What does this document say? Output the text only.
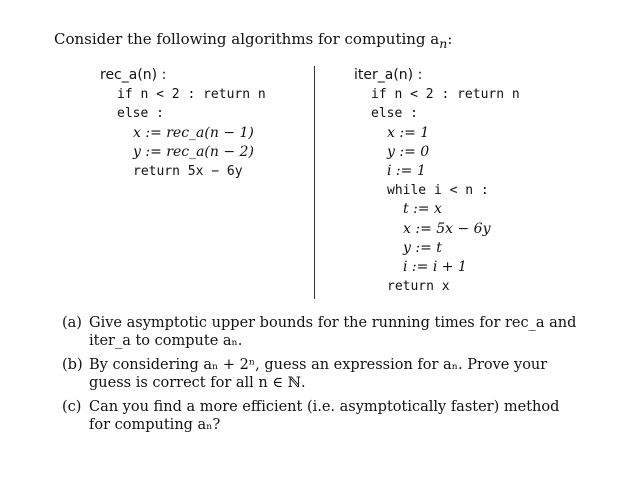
Consider the following algorithms for computing $a_n$:
rec_a(n) :
if n < 2 : return n
else :
x := rec_a(n − 1)
y := rec_a(n − 2)
return 5x − 6y
iter_a(n) :
if n < 2 : return n
else :
x := 1
y := 0
i := 1
while i < n :
t := x
x := 5x − 6y
y := t
i := i + 1
return x
(a) Give asymptotic upper bounds for the running times for rec_a and iter_a to compute aₙ.
(b) By considering aₙ + 2ⁿ, guess an expression for aₙ. Prove your guess is correct for all n ∈ ℕ.
(c) Can you find a more efficient (i.e. asymptotically faster) method for computing aₙ?
